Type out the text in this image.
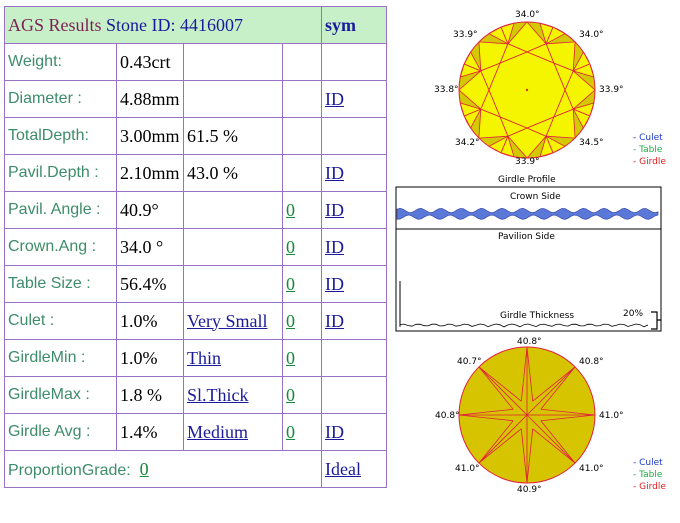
AGS Results Stone ID: 4416007				sym
Weight:	0.43crt			
Diameter :	4.88mm			ID
TotalDepth:	3.00mm	61.5 %		
Pavil.Depth :	2.10mm	43.0 %		ID
Pavil. Angle :	40.9°		0	ID
Crown.Ang :	34.0 °		0	ID
Table Size :	56.4%		0	ID
Culet :	1.0%	Very Small	0	ID
GirdleMin :	1.0%	Thin	0	
GirdleMax :	1.8 %	Sl.Thick	0	
Girdle Avg :	1.4%	Medium	0	ID
ProportionGrade: 0				Ideal
34.0°
33.9°	34.0°
33.8°	33.9°
34.2°	34.5°
33.9°
- Culet
- Table
- Girdle
Girdle Profile
Crown Side
Pavilion Side
Girdle Thickness	20%
40.8°
40.7°	40.8°
40.8°	41.0°
41.0°	41.0°
40.9°
- Culet
- Table
- Girdle
